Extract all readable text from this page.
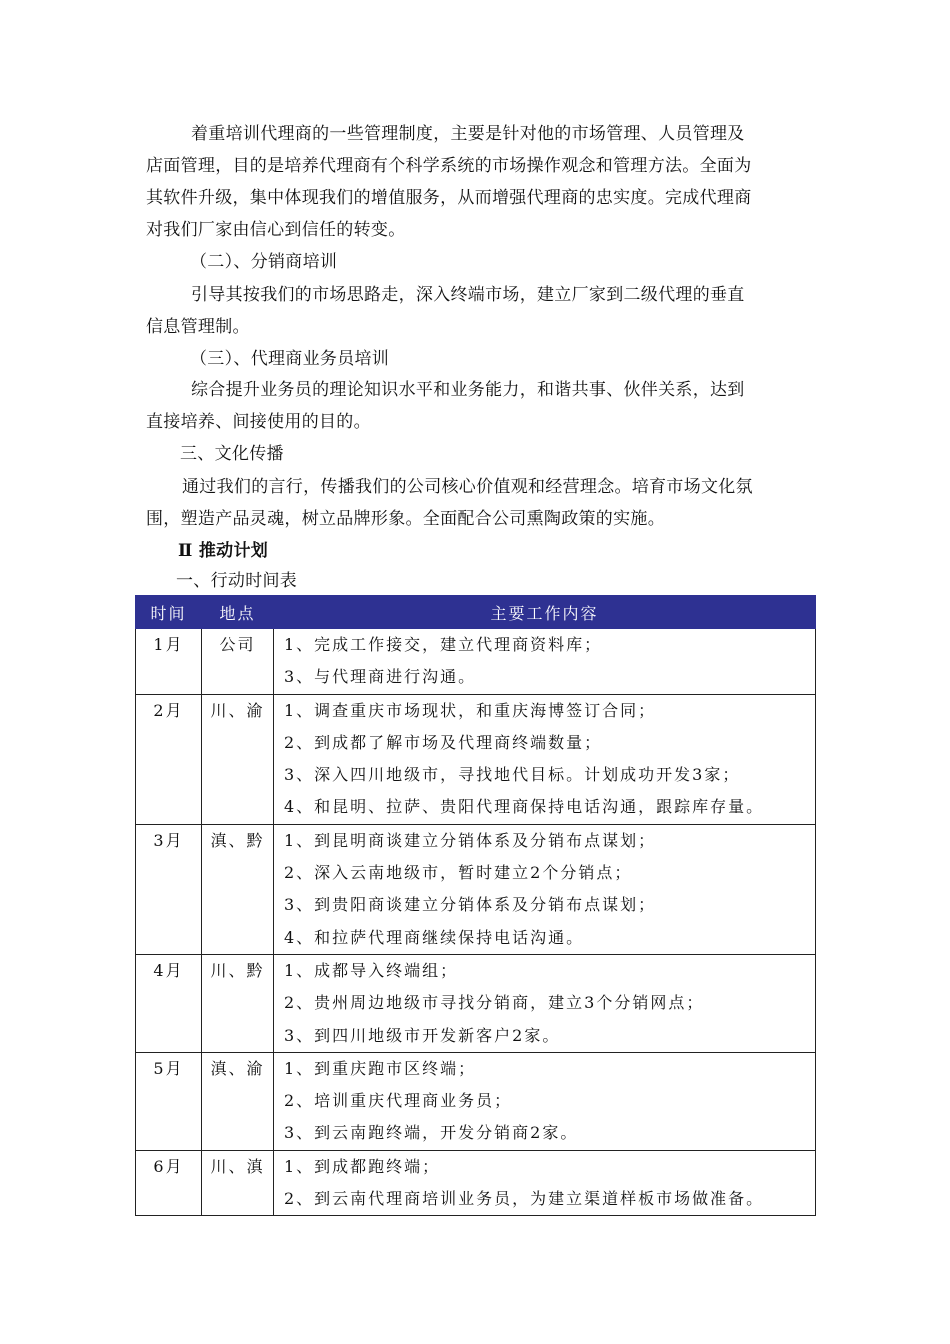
着重培训代理商的一些管理制度，主要是针对他的市场管理、人员管理及

店面管理，目的是培养代理商有个科学系统的市场操作观念和管理方法。全面为
其软件升级，集中体现我们的增值服务，从而增强代理商的忠实度。完成代理商
对我们厂家由信心到信任的转变。

（二）、分销商培训

引导其按我们的市场思路走，深入终端市场，建立厂家到二级代理的垂直

信息管理制。

（三）、代理商业务员培训

综合提升业务员的理论知识水平和业务能力，和谐共事、伙伴关系，达到

直接培养、间接使用的目的。

三、文化传播

通过我们的言行，传播我们的公司核心价值观和经营理念。培育市场文化氛

围，塑造产品灵魂，树立品牌形象。全面配合公司熏陶政策的实施。

Ⅱ 推动计划

一、行动时间表

时间	地点	主要工作内容

1月	公司	1、完成工作接交，建立代理商资料库；
3、与代理商进行沟通。

2月	川、渝	1、调查重庆市场现状，和重庆海博签订合同；
2、到成都了解市场及代理商终端数量；
3、深入四川地级市，寻找地代目标。计划成功开发3家；
4、和昆明、拉萨、贵阳代理商保持电话沟通，跟踪库存量。

3月	滇、黔	1、到昆明商谈建立分销体系及分销布点谋划；
2、深入云南地级市，暂时建立2个分销点；
3、到贵阳商谈建立分销体系及分销布点谋划；
4、和拉萨代理商继续保持电话沟通。

4月	川、黔	1、成都导入终端组；
2、贵州周边地级市寻找分销商，建立3个分销网点；
3、到四川地级市开发新客户2家。

5月	滇、渝	1、到重庆跑市区终端；
2、培训重庆代理商业务员；
3、到云南跑终端，开发分销商2家。

6月	川、滇	1、到成都跑终端；
2、到云南代理商培训业务员，为建立渠道样板市场做准备。
